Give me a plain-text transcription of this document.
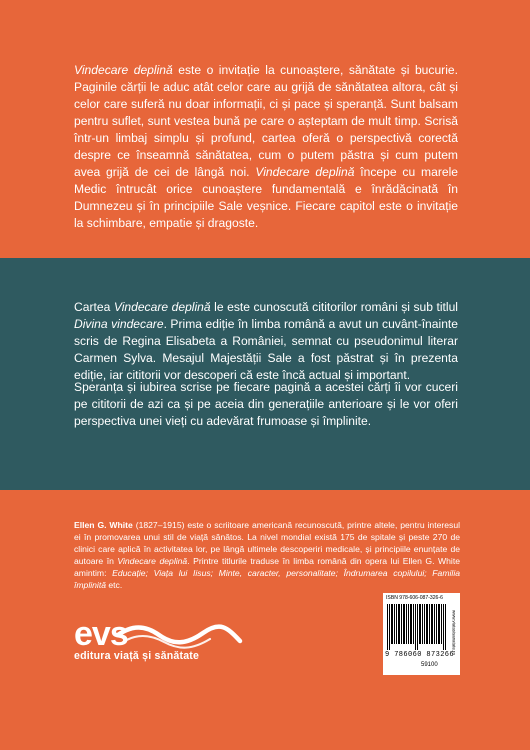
Vindecare deplină este o invitație la cunoaștere, sănătate și bucurie. Paginile cărții le aduc atât celor care au grijă de sănătatea altora, cât și celor care suferă nu doar informații, ci și pace și speranță. Sunt balsam pentru suflet, sunt vestea bună pe care o așteptam de mult timp. Scrisă într-un limbaj simplu și profund, cartea oferă o perspectivă corectă despre ce înseamnă sănătatea, cum o putem păstra și cum putem avea grijă de cei de lângă noi. Vindecare deplină începe cu marele Medic întrucât orice cunoaștere fundamentală e înrădăcinată în Dumnezeu și în principiile Sale veșnice. Fiecare capitol este o invitație la schimbare, empatie și dragoste.

Cartea Vindecare deplină le este cunoscută cititorilor români și sub titlul Divina vindecare. Prima ediție în limba română a avut un cuvânt-înainte scris de Regina Elisabeta a României, semnat cu pseudonimul literar Carmen Sylva. Mesajul Majestății Sale a fost păstrat și în prezenta ediție, iar cititorii vor descoperi că este încă actual și important.

Speranța și iubirea scrise pe fiecare pagină a acestei cărți îi vor cuceri pe cititorii de azi ca și pe aceia din generațiile anterioare și le vor oferi perspectiva unei vieți cu adevărat frumoase și împlinite.

Ellen G. White (1827–1915) este o scriitoare americană recunoscută, printre altele, pentru interesul ei în promovarea unui stil de viață sănătos. La nivel mondial există 175 de spitale și peste 270 de clinici care aplică în activitatea lor, pe lângă ultimele descoperiri medicale, și principiile enunțate de autoare în Vindecare deplină. Printre titlurile traduse în limba română din opera lui Ellen G. White amintim: Educație; Viața lui Iisus; Minte, caracter, personalitate; Îndrumarea copilului; Familia împlinită etc.

evs
editura viață și sănătate
ISBN 978-606-087-326-6
9 786060 873266
59100
www.viatasisanatate.ro
